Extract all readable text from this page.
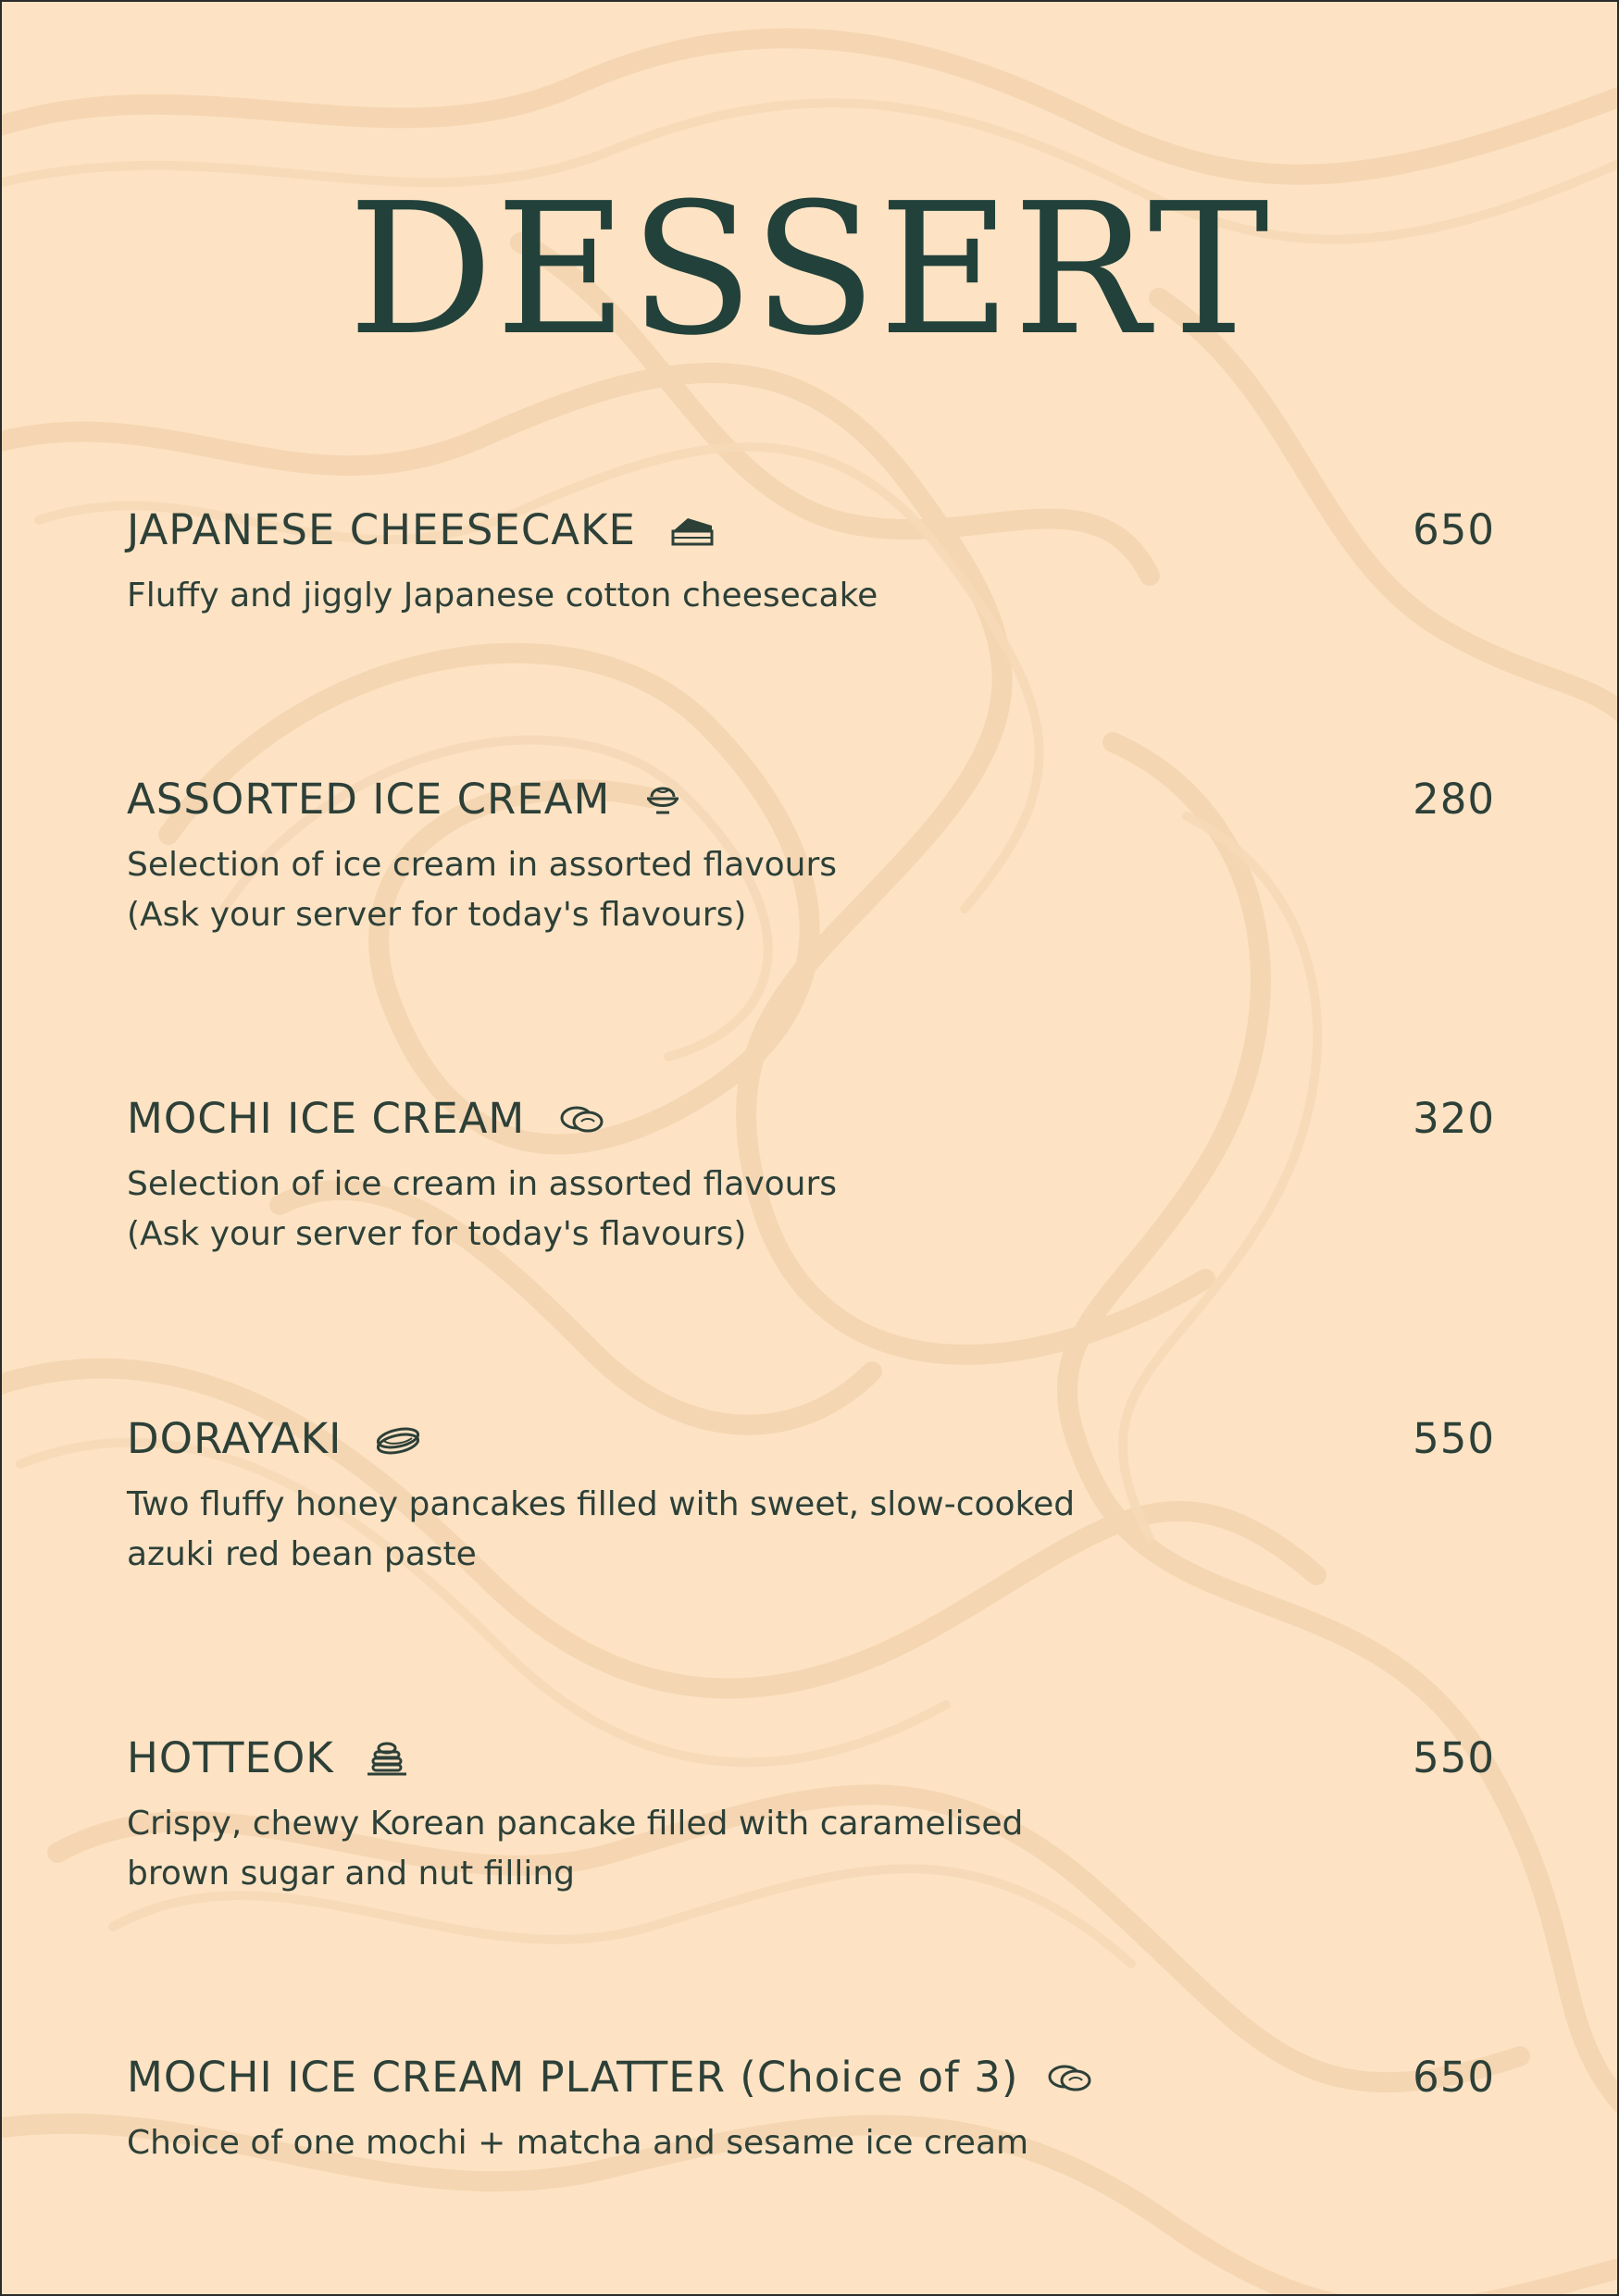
DESSERT
JAPANESE CHEESECAKE	650
Fluffy and jiggly Japanese cotton cheesecake
ASSORTED ICE CREAM	280
Selection of ice cream in assorted flavours
(Ask your server for today's flavours)
MOCHI ICE CREAM	320
Selection of ice cream in assorted flavours
(Ask your server for today's flavours)
DORAYAKI	550
Two fluffy honey pancakes filled with sweet, slow-cooked
azuki red bean paste
HOTTEOK	550
Crispy, chewy Korean pancake filled with caramelised
brown sugar and nut filling
MOCHI ICE CREAM PLATTER (Choice of 3)	650
Choice of one mochi + matcha and sesame ice cream
